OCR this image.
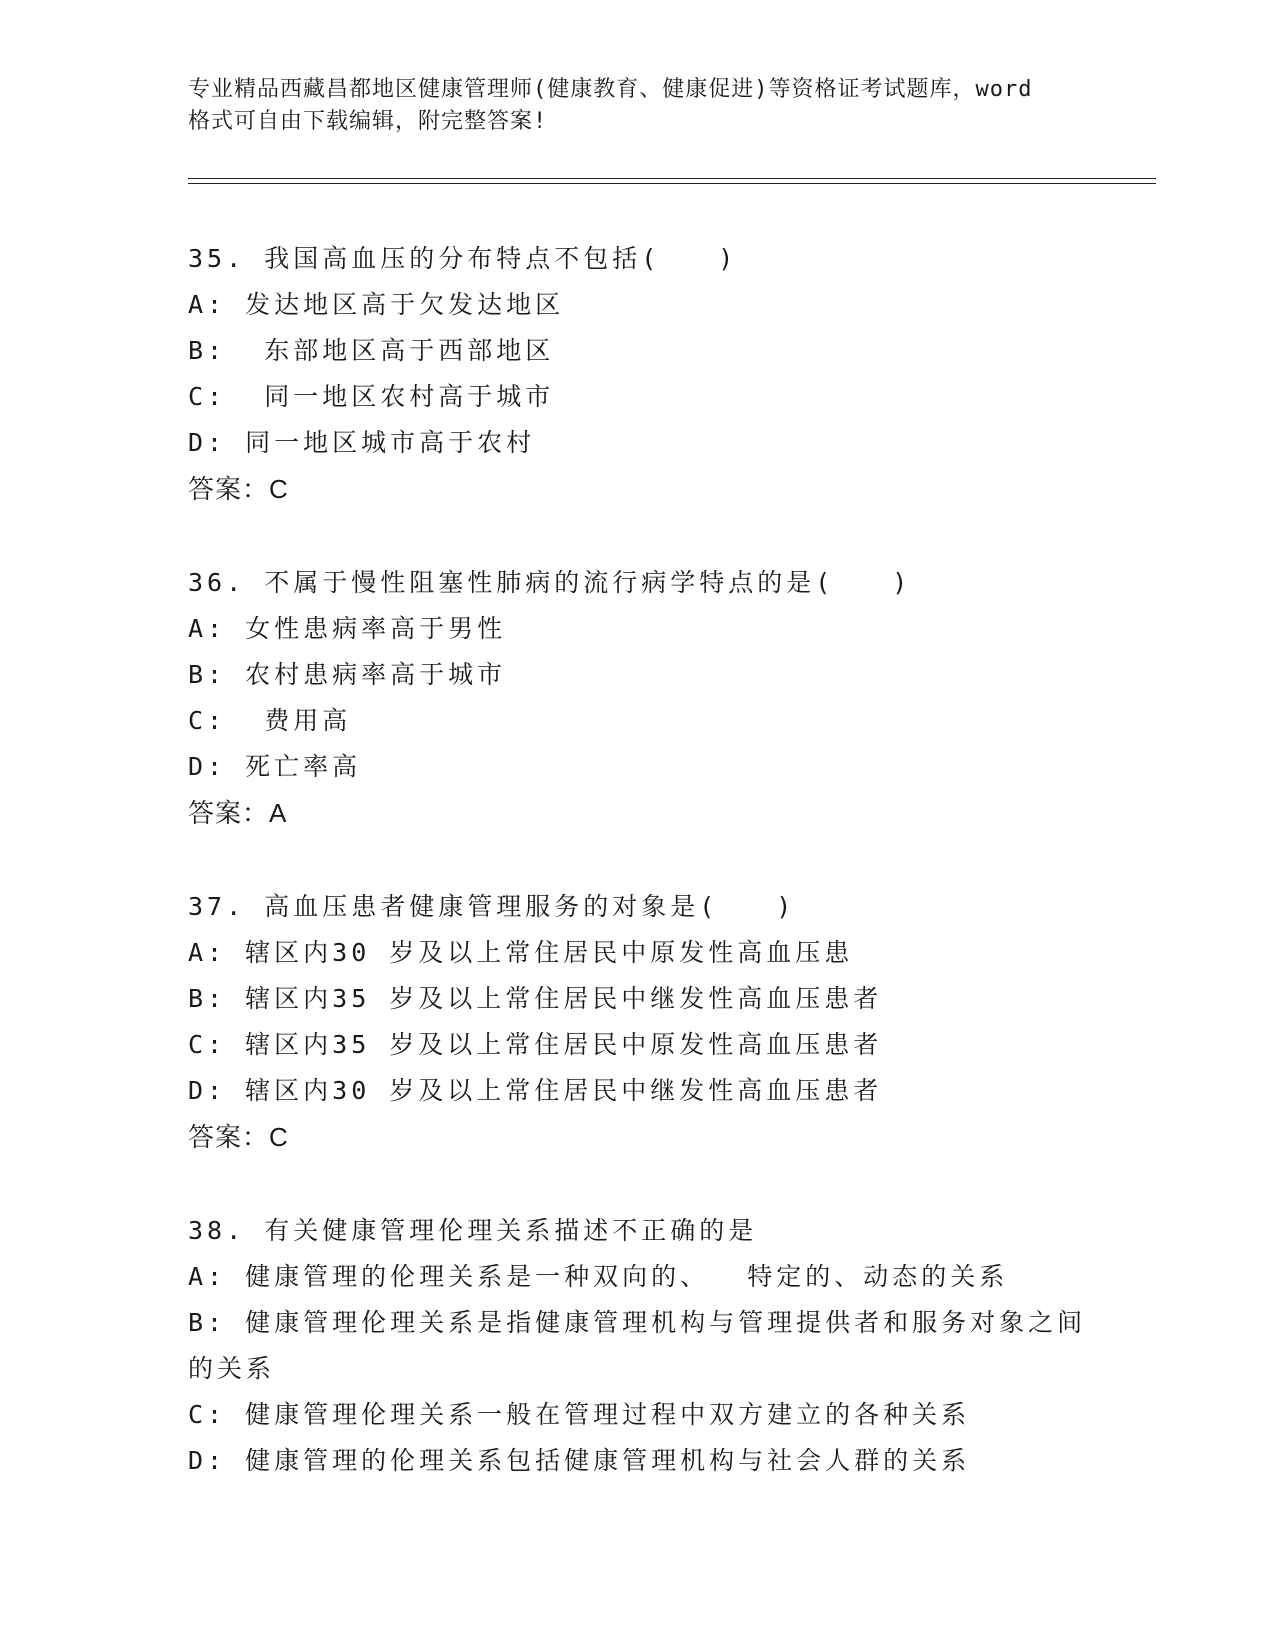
专业精品西藏昌都地区健康管理师(健康教育、健康促进)等资格证考试题库，word
格式可自由下载编辑，附完整答案!
35. 我国高血压的分布特点不包括(　　)
A: 发达地区高于欠发达地区
B:  东部地区高于西部地区
C:  同一地区农村高于城市
D: 同一地区城市高于农村
答案：C
36. 不属于慢性阻塞性肺病的流行病学特点的是(　　)
A: 女性患病率高于男性
B: 农村患病率高于城市
C:  费用高
D: 死亡率高
答案：A
37. 高血压患者健康管理服务的对象是(　　)
A: 辖区内30 岁及以上常住居民中原发性高血压患
B: 辖区内35 岁及以上常住居民中继发性高血压患者
C: 辖区内35 岁及以上常住居民中原发性高血压患者
D: 辖区内30 岁及以上常住居民中继发性高血压患者
答案：C
38. 有关健康管理伦理关系描述不正确的是
A: 健康管理的伦理关系是一种双向的、  特定的、动态的关系
B: 健康管理伦理关系是指健康管理机构与管理提供者和服务对象之间的关系
C: 健康管理伦理关系一般在管理过程中双方建立的各种关系
D: 健康管理的伦理关系包括健康管理机构与社会人群的关系
